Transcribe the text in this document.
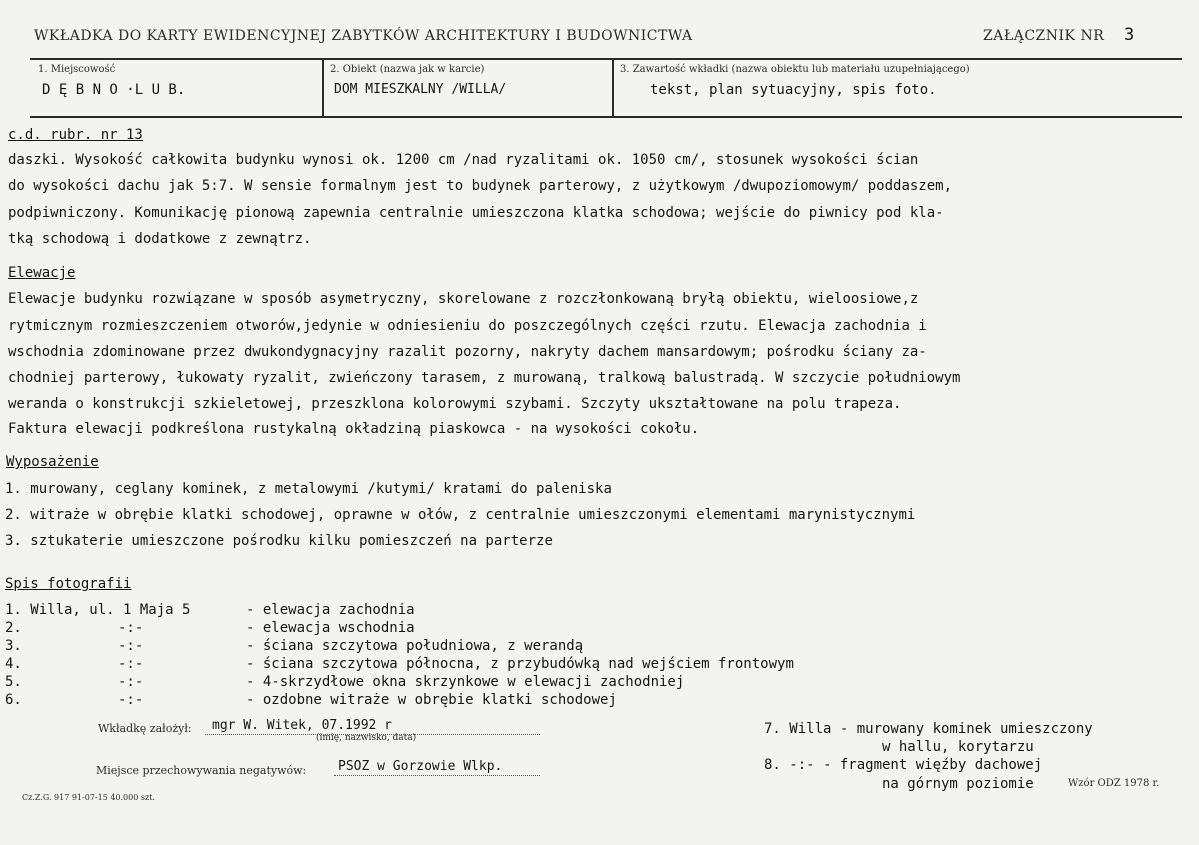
WKŁADKA DO KARTY EWIDENCYJNEJ ZABYTKÓW ARCHITEKTURY I BUDOWNICTWA	ZAŁĄCZNIK NR 3
1. Miejscowość
D Ę B N O ·L U B.
2. Obiekt (nazwa jak w karcie)
DOM MIESZKALNY /WILLA/
3. Zawartość wkładki (nazwa obiektu lub materiału uzupełniającego)
tekst, plan sytuacyjny, spis foto.
c.d. rubr. nr 13
daszki. Wysokość całkowita budynku wynosi ok. 1200 cm /nad ryzalitami ok. 1050 cm/, stosunek wysokości ścian
do wysokości dachu jak 5:7. W sensie formalnym jest to budynek parterowy, z użytkowym /dwupoziomowym/ poddaszem,
podpiwniczony. Komunikację pionową zapewnia centralnie umieszczona klatka schodowa; wejście do piwnicy pod kla-
tką schodową i dodatkowe z zewnątrz.
Elewacje
Elewacje budynku rozwiązane w sposób asymetryczny, skorelowane z rozczłonkowaną bryłą obiektu, wieloosiowe,z
rytmicznym rozmieszczeniem otworów,jedynie w odniesieniu do poszczególnych części rzutu. Elewacja zachodnia i
wschodnia zdominowane przez dwukondygnacyjny razalit pozorny, nakryty dachem mansardowym; pośrodku ściany za-
chodniej parterowy, łukowaty ryzalit, zwieńczony tarasem, z murowaną, tralkową balustradą. W szczycie południowym
weranda o konstrukcji szkieletowej, przeszklona kolorowymi szybami. Szczyty ukształtowane na polu trapeza.
Faktura elewacji podkreślona rustykalną okładziną piaskowca - na wysokości cokołu.
Wyposażenie
1. murowany, ceglany kominek, z metalowymi /kutymi/ kratami do paleniska
2. witraże w obrębie klatki schodowej, oprawne w ołów, z centralnie umieszczonymi elementami marynistycznymi
3. sztukaterie umieszczone pośrodku kilku pomieszczeń na parterze
Spis fotografii
1. Willa, ul. 1 Maja 5	- elewacja zachodnia
2.	-:-	- elewacja wschodnia
3.	-:-	- ściana szczytowa południowa, z werandą
4.	-:-	- ściana szczytowa północna, z przybudówką nad wejściem frontowym
5.	-:-	- 4-skrzydłowe okna skrzynkowe w elewacji zachodniej
6.	-:-	- ozdobne witraże w obrębie klatki schodowej
Wkładkę założył: mgr W. Witek, 07.1992 r
(imię, nazwisko, data)
Miejsce przechowywania negatywów: PSOZ w Gorzowie Wlkp.
Cz.Z.G. 917 91-07-15 40.000 szt.
7. Willa - murowany kominek umieszczony
w hallu, korytarzu
8. -:- - fragment więźby dachowej
na górnym poziomie	Wzór ODZ 1978 r.
